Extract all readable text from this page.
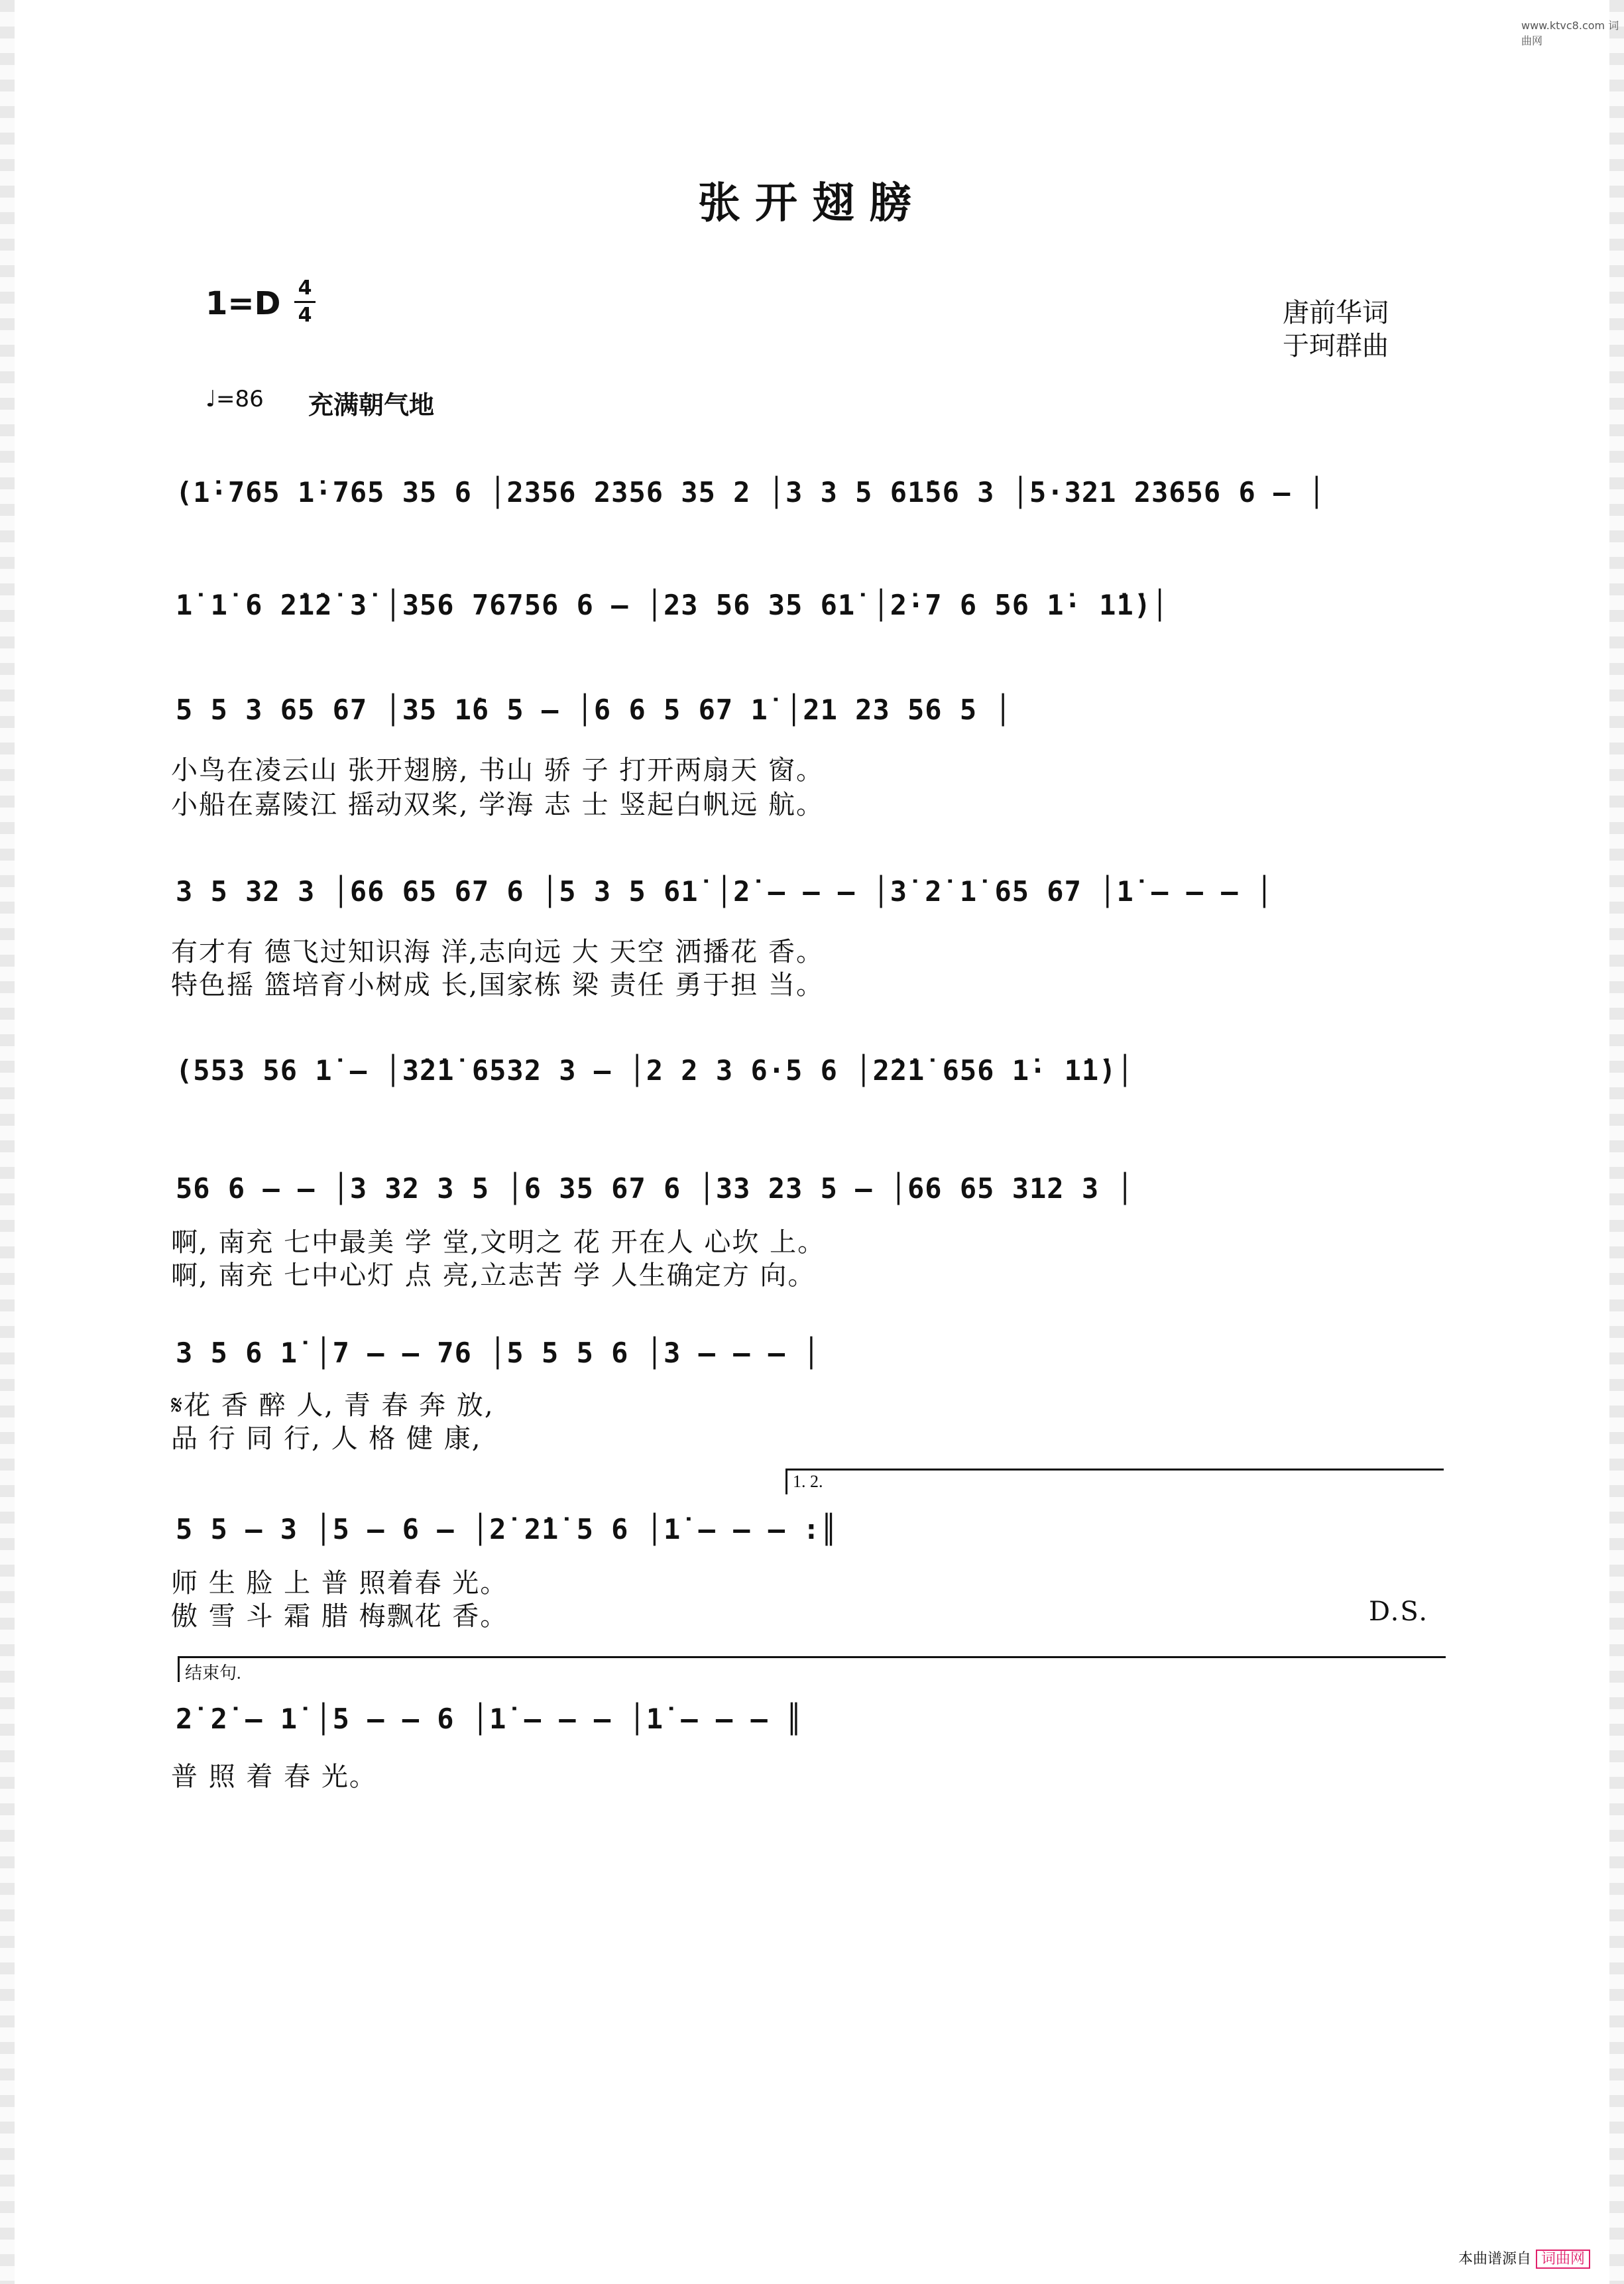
www.ktvc8.com 词曲网
张开翅膀
1=D 4
4	唐前华词
于珂群曲
♩=86 充满朝气地
(1̇·765 1̇·765 35 6 │2356 2356 35 2 │3 3 5 61̇56 3 │5·321 23656 6 – │
1̇ 1̇ 6 2̇1̇2̇ 3̇ │356 76756 6 – │23 56 35 61̇ │2̇·7 6 56 1̇· 1̇1̇)│
5 5 3 65 67 │35 1̇6 5 – │6 6 5 67 1̇ │21 23 56 5 │
小鸟在凌云山 张开翅膀, 书山 骄 子 打开两扇天 窗。
小船在嘉陵江 摇动双桨, 学海 志 士 竖起白帆远 航。
3 5 32 3 │66 65 67 6 │5 3 5 61̇ │2̇ – – – │3̇ 2̇ 1̇ 65 67 │1̇ – – – │
有才有 德飞过知识海 洋,志向远 大 天空 洒播花 香。
特色摇 篮培育小树成 长,国家栋 梁 责任 勇于担 当。
(553 56 1̇ – │3̇2̇1̇ 6532 3 – │2 2 3 6·5 6 │2̇2̇1̇ 656 1̇· 1̇1̇)│
56 6 – – │3 32 3 5 │6 35 67 6 │33 23 5 – │66 65 312 3 │
啊, 南充 七中最美 学 堂,文明之 花 开在人 心坎 上。
啊, 南充 七中心灯 点 亮,立志苦 学 人生确定方 向。
3 5 6 1̇ │7 – – 76 │5 5 5 6 │3 – – – │
𝄋花 香 醉 人, 青 春 奔 放,
品 行 同 行, 人 格 健 康,
1. 2.
5 5 – 3 │5 – 6 – │2̇ 2̇1̇ 5 6 │1̇ – – – :║
师 生 脸 上 普 照着春 光。
傲 雪 斗 霜 腊 梅飘花 香。	D.S.
结束句.
2̇ 2̇ – 1̇ │5 – – 6 │1̇ – – – │1̇ – – – ║
普 照 着 春 光。
本曲谱源自 词曲网
